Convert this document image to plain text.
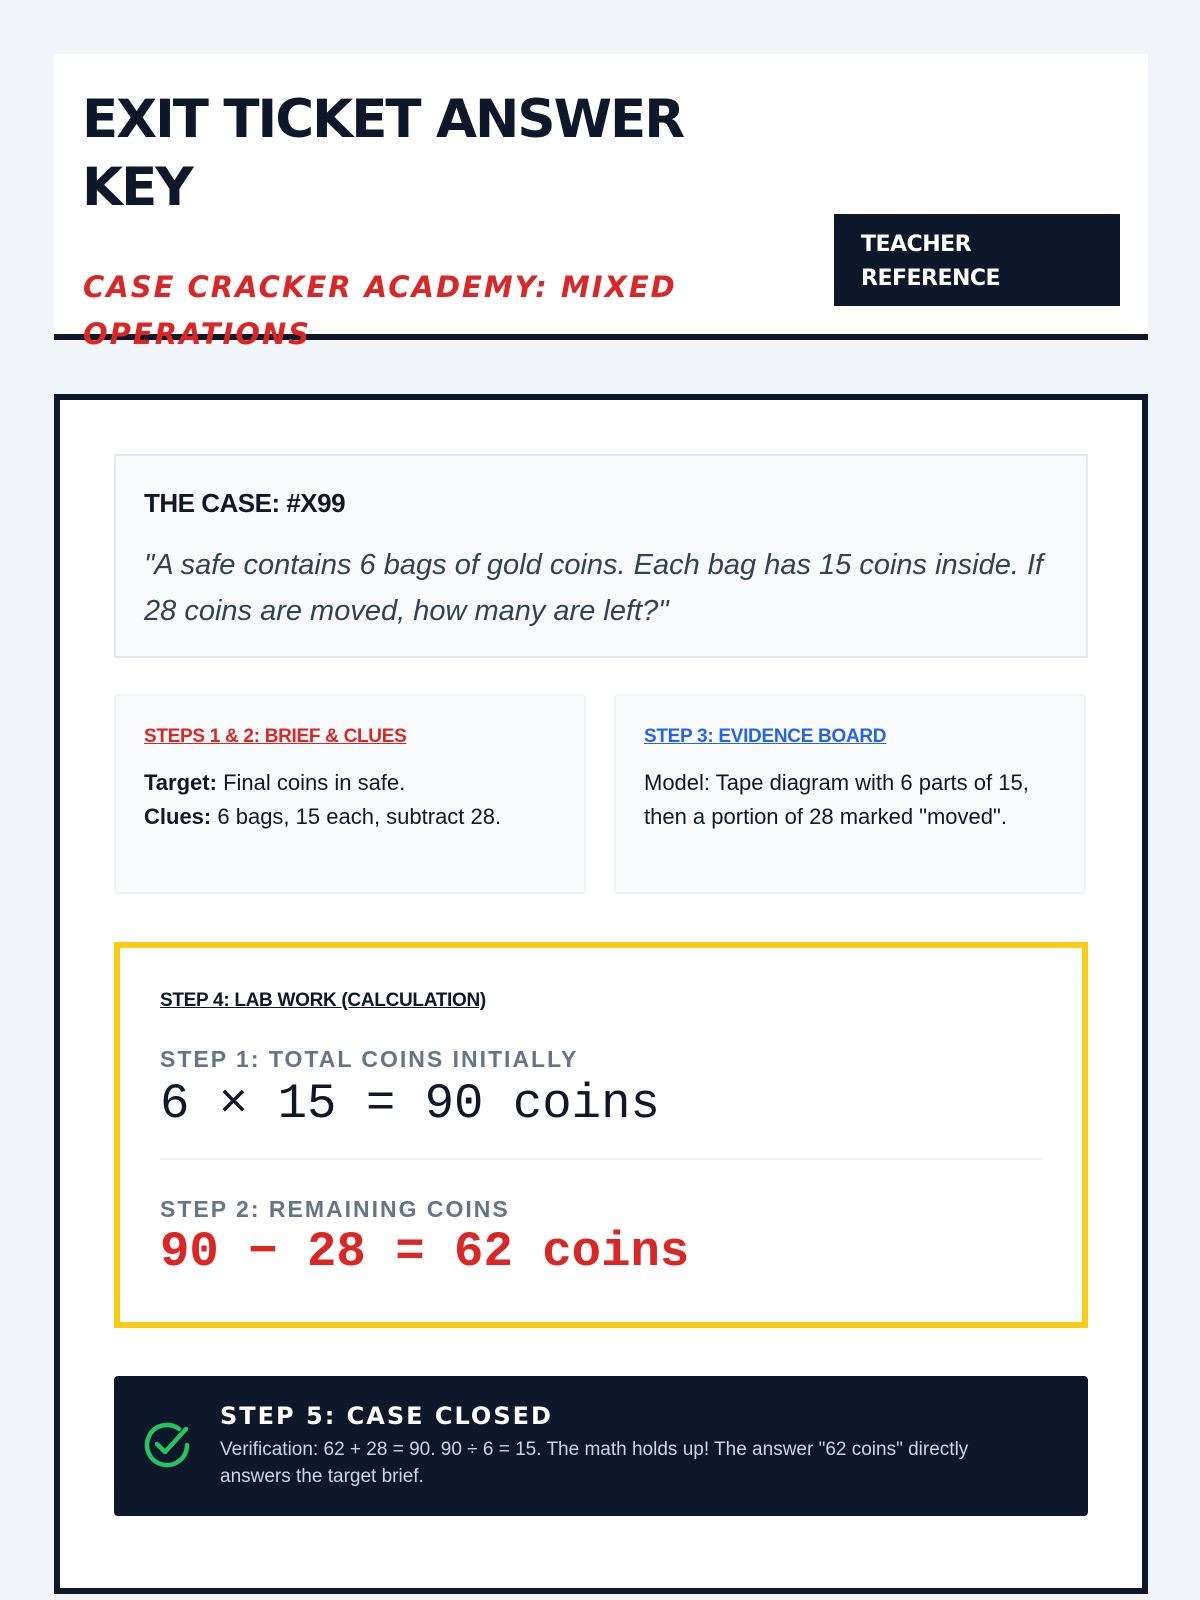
EXIT TICKET ANSWER KEY
CASE CRACKER ACADEMY: MIXED OPERATIONS
TEACHER REFERENCE
THE CASE: #X99
"A safe contains 6 bags of gold coins. Each bag has 15 coins inside. If 28 coins are moved, how many are left?"
STEPS 1 & 2: BRIEF & CLUES
Target: Final coins in safe.
Clues: 6 bags, 15 each, subtract 28.
STEP 3: EVIDENCE BOARD
Model: Tape diagram with 6 parts of 15, then a portion of 28 marked "moved".
STEP 4: LAB WORK (CALCULATION)
STEP 1: TOTAL COINS INITIALLY
6 × 15 = 90 coins
STEP 2: REMAINING COINS
90 − 28 = 62 coins
STEP 5: CASE CLOSED
Verification: 62 + 28 = 90. 90 ÷ 6 = 15. The math holds up! The answer "62 coins" directly answers the target brief.
